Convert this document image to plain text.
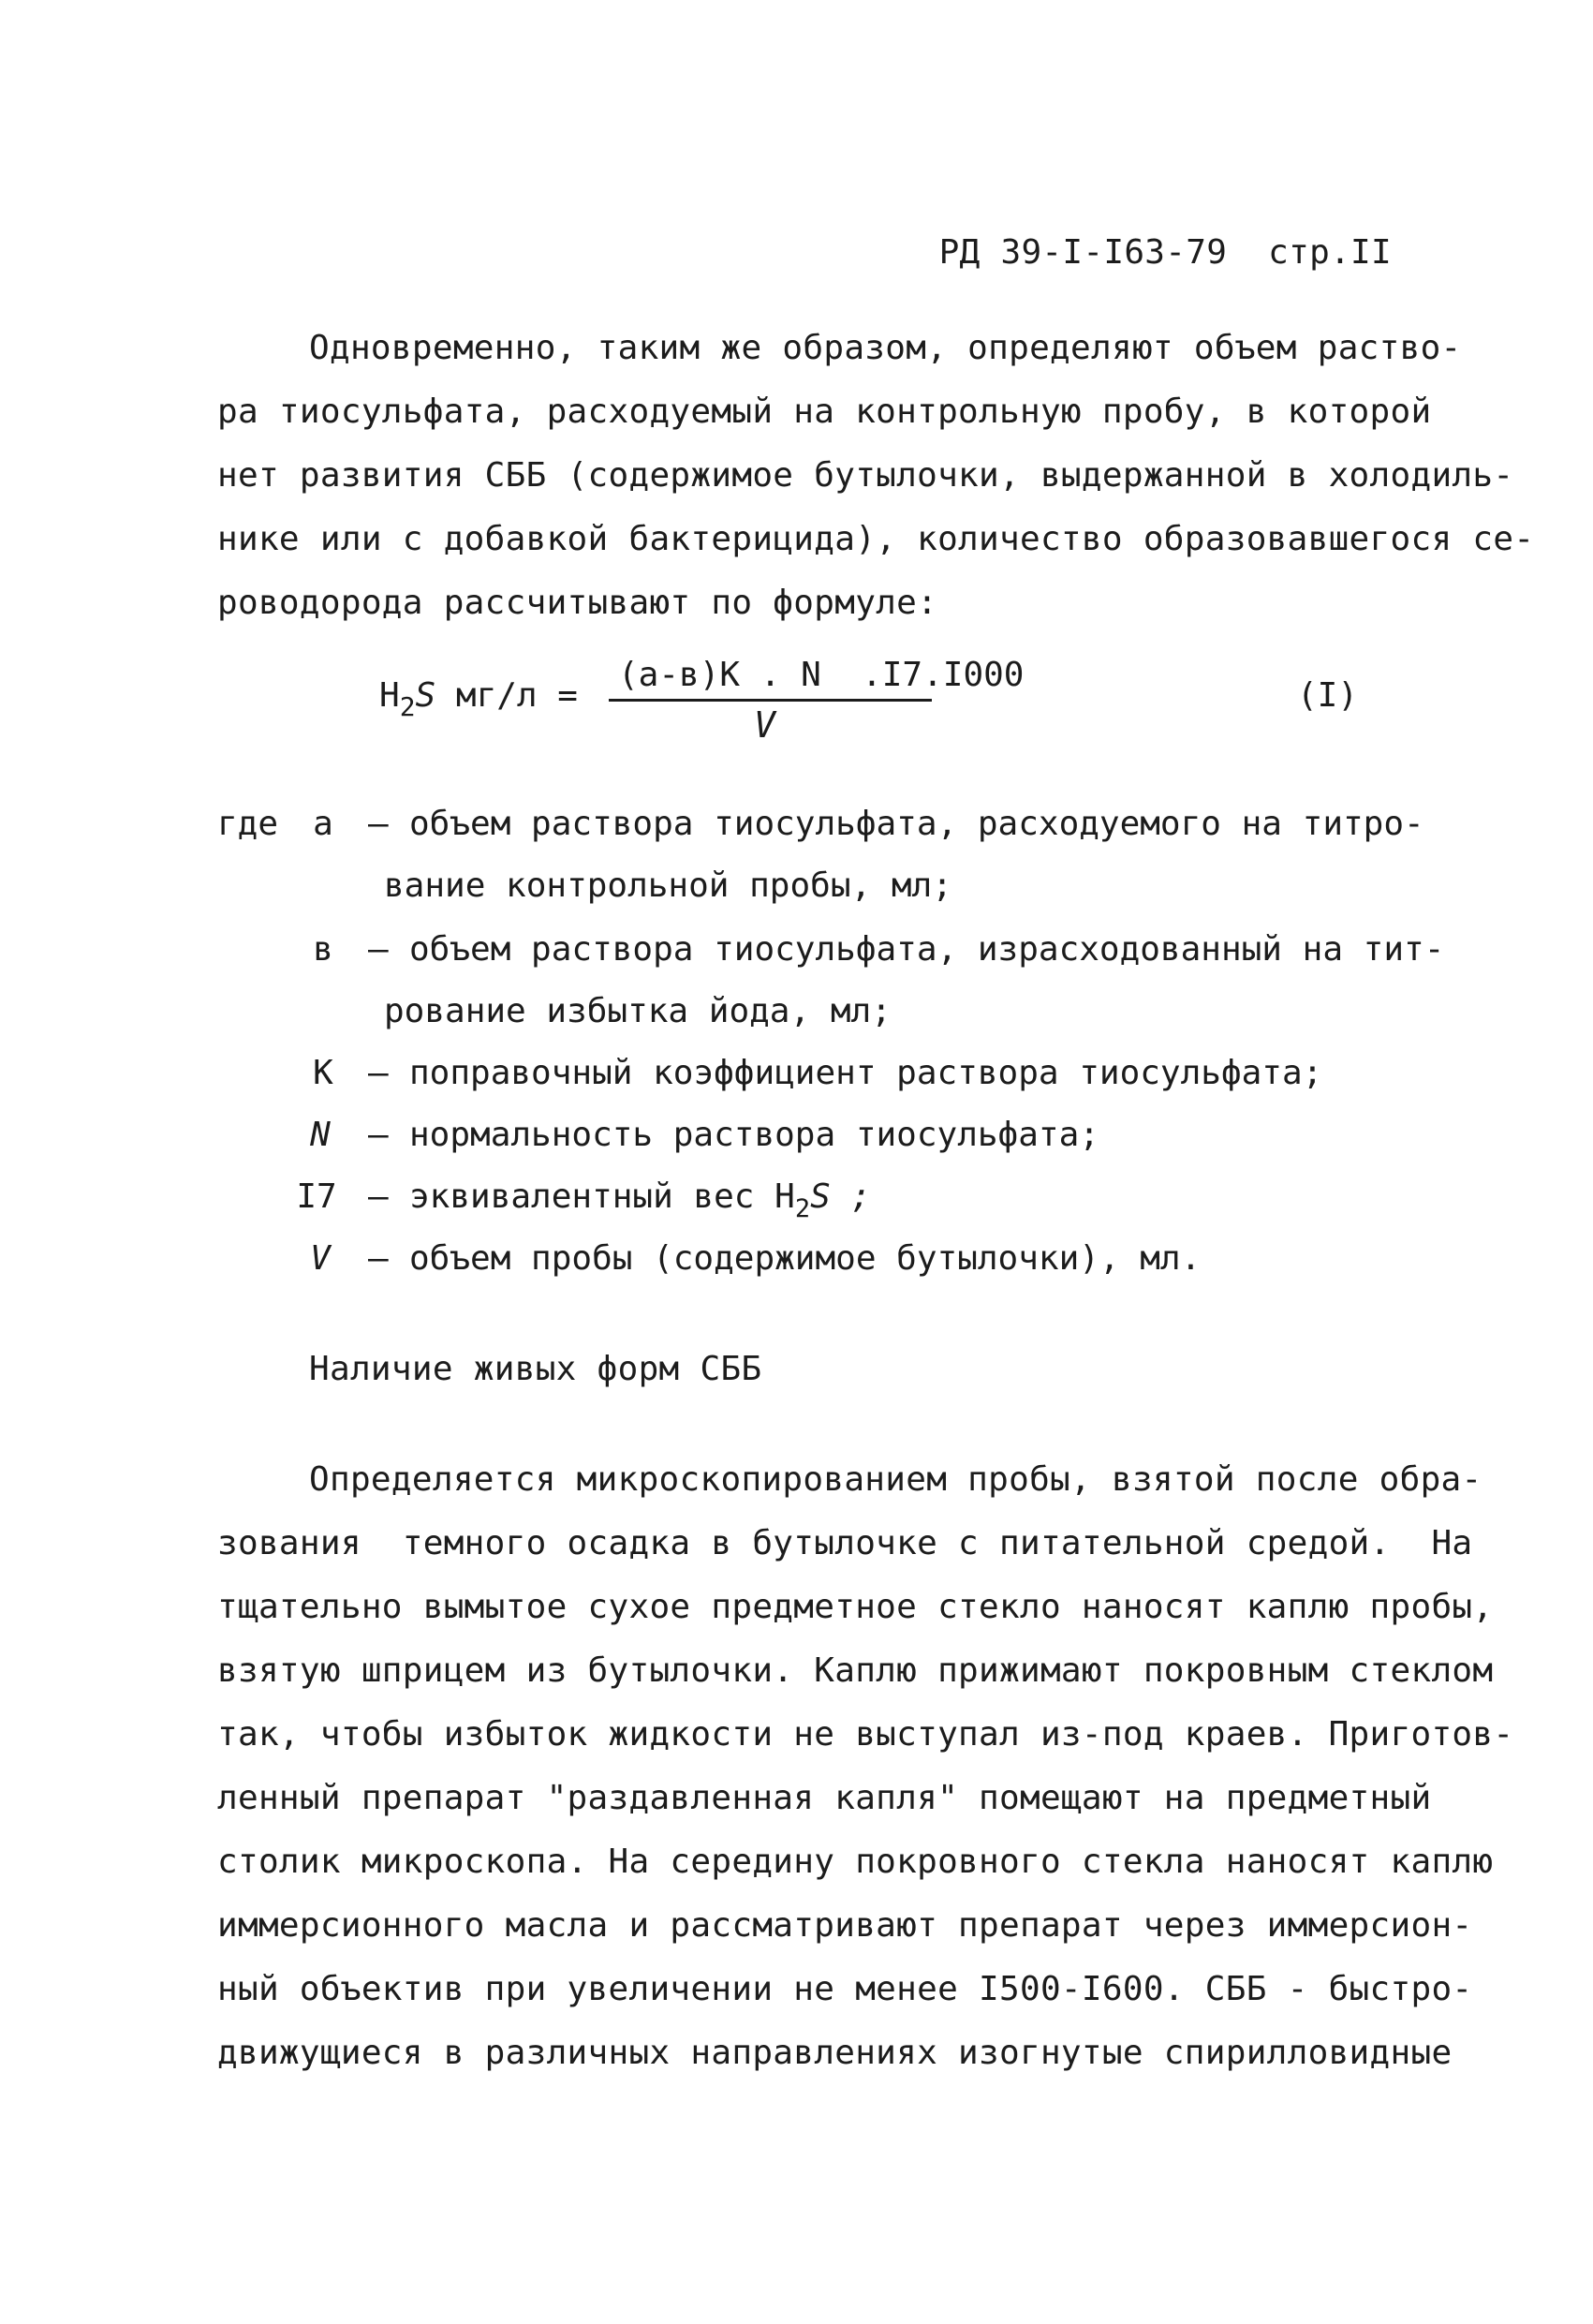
РД 39-I-I63-79  стр.II
Одновременно, таким же образом, определяют объем раство-
ра тиосульфата, расходуемый на контрольную пробу, в которой
нет развития СББ (содержимое бутылочки, выдержанной в холодиль-
нике или с добавкой бактерицида), количество образовавшегося се-
роводорода рассчитывают по формуле:
$H_2S$ мг/л =
(а-в)К . N  .I7.I000
V
(I)
где а – объем раствора тиосульфата, расходуемого на титро-
вание контрольной пробы, мл;
в – объем раствора тиосульфата, израсходованный на тит-
рование избытка йода, мл;
К – поправочный коэффициент раствора тиосульфата;
N – нормальность раствора тиосульфата;
I7 – эквивалентный вес $H_2S$ ;
V – объем пробы (содержимое бутылочки), мл.
Наличие живых форм СББ
Определяется микроскопированием пробы, взятой после обра-
зования  темного осадка в бутылочке с питательной средой.  На
тщательно вымытое сухое предметное стекло наносят каплю пробы,
взятую шприцем из бутылочки. Каплю прижимают покровным стеклом
так, чтобы избыток жидкости не выступал из-под краев. Приготов-
ленный препарат "раздавленная капля" помещают на предметный
столик микроскопа. На середину покровного стекла наносят каплю
иммерсионного масла и рассматривают препарат через иммерсион-
ный объектив при увеличении не менее I500-I600. СББ - быстро-
движущиеся в различных направлениях изогнутые спирилловидные
